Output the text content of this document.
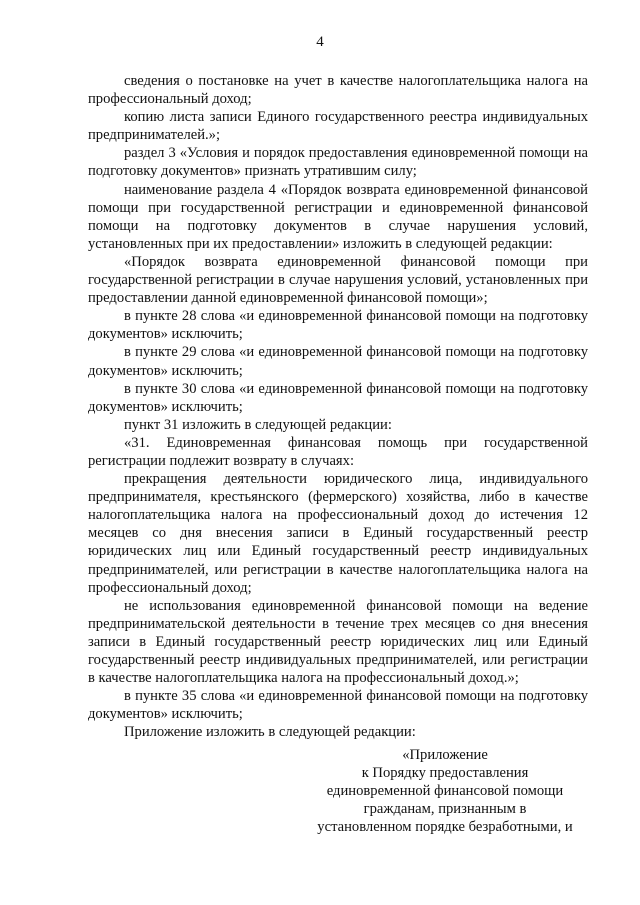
4

сведения о постановке на учет в качестве налогоплательщика налога на профессиональный доход;

копию листа записи Единого государственного реестра индивидуальных предпринимателей.»;

раздел 3 «Условия и порядок предоставления единовременной помощи на подготовку документов» признать утратившим силу;

наименование раздела 4 «Порядок возврата единовременной финансовой помощи при государственной регистрации и единовременной финансовой помощи на подготовку документов в случае нарушения условий, установленных при их предоставлении» изложить в следующей редакции:

«Порядок возврата единовременной финансовой помощи при государственной регистрации в случае нарушения условий, установленных при предоставлении данной единовременной финансовой помощи»;

в пункте 28 слова «и единовременной финансовой помощи на подготовку документов» исключить;

в пункте 29 слова «и единовременной финансовой помощи на подготовку документов» исключить;

в пункте 30 слова «и единовременной финансовой помощи на подготовку документов» исключить;

пункт 31 изложить в следующей редакции:

«31. Единовременная финансовая помощь при государственной регистрации подлежит возврату в случаях:

прекращения деятельности юридического лица, индивидуального предпринимателя, крестьянского (фермерского) хозяйства, либо в качестве налогоплательщика налога на профессиональный доход до истечения 12 месяцев со дня внесения записи в Единый государственный реестр юридических лиц или Единый государственный реестр индивидуальных предпринимателей, или регистрации в качестве налогоплательщика налога на профессиональный доход;

не использования единовременной финансовой помощи на ведение предпринимательской деятельности в течение трех месяцев со дня внесения записи в Единый государственный реестр юридических лиц или Единый государственный реестр индивидуальных предпринимателей, или регистрации в качестве налогоплательщика налога на профессиональный доход.»;

в пункте 35 слова «и единовременной финансовой помощи на подготовку документов» исключить;

Приложение изложить в следующей редакции:

«Приложение

к Порядку предоставления

единовременной финансовой помощи

гражданам, признанным в

установленном порядке безработными, и
